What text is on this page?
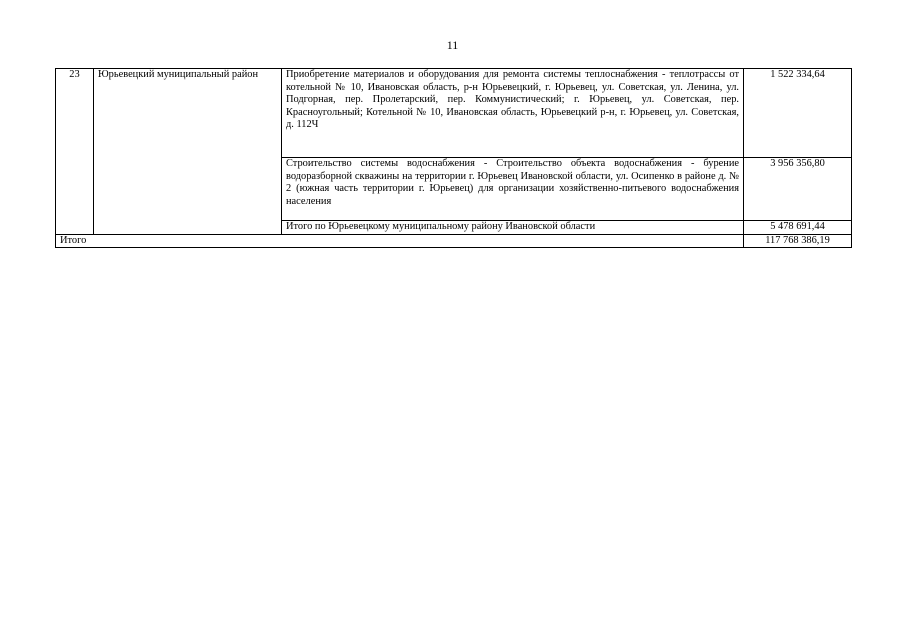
11
23	Юрьевецкий муниципальный район	Приобретение материалов и оборудования для ремонта системы теплоснабжения - теплотрассы от котельной № 10, Ивановская область, р-н Юрьевецкий, г. Юрьевец, ул. Советская, ул. Ленина, ул. Подгорная, пер. Пролетарский, пер. Коммунистический; г. Юрьевец, ул. Советская, пер. Красноугольный; Котельной № 10, Ивановская область, Юрьевецкий р-н, г. Юрьевец, ул. Советская, д. 112Ч	1 522 334,64
		Строительство системы водоснабжения - Строительство объекта водоснабжения - бурение водоразборной скважины на территории г. Юрьевец Ивановской области, ул. Осипенко в районе д. № 2 (южная часть территории г. Юрьевец) для организации хозяйственно-питьевого водоснабжения населения	3 956 356,80
		Итого по Юрьевецкому муниципальному району Ивановской области	5 478 691,44
Итого			117 768 386,19
